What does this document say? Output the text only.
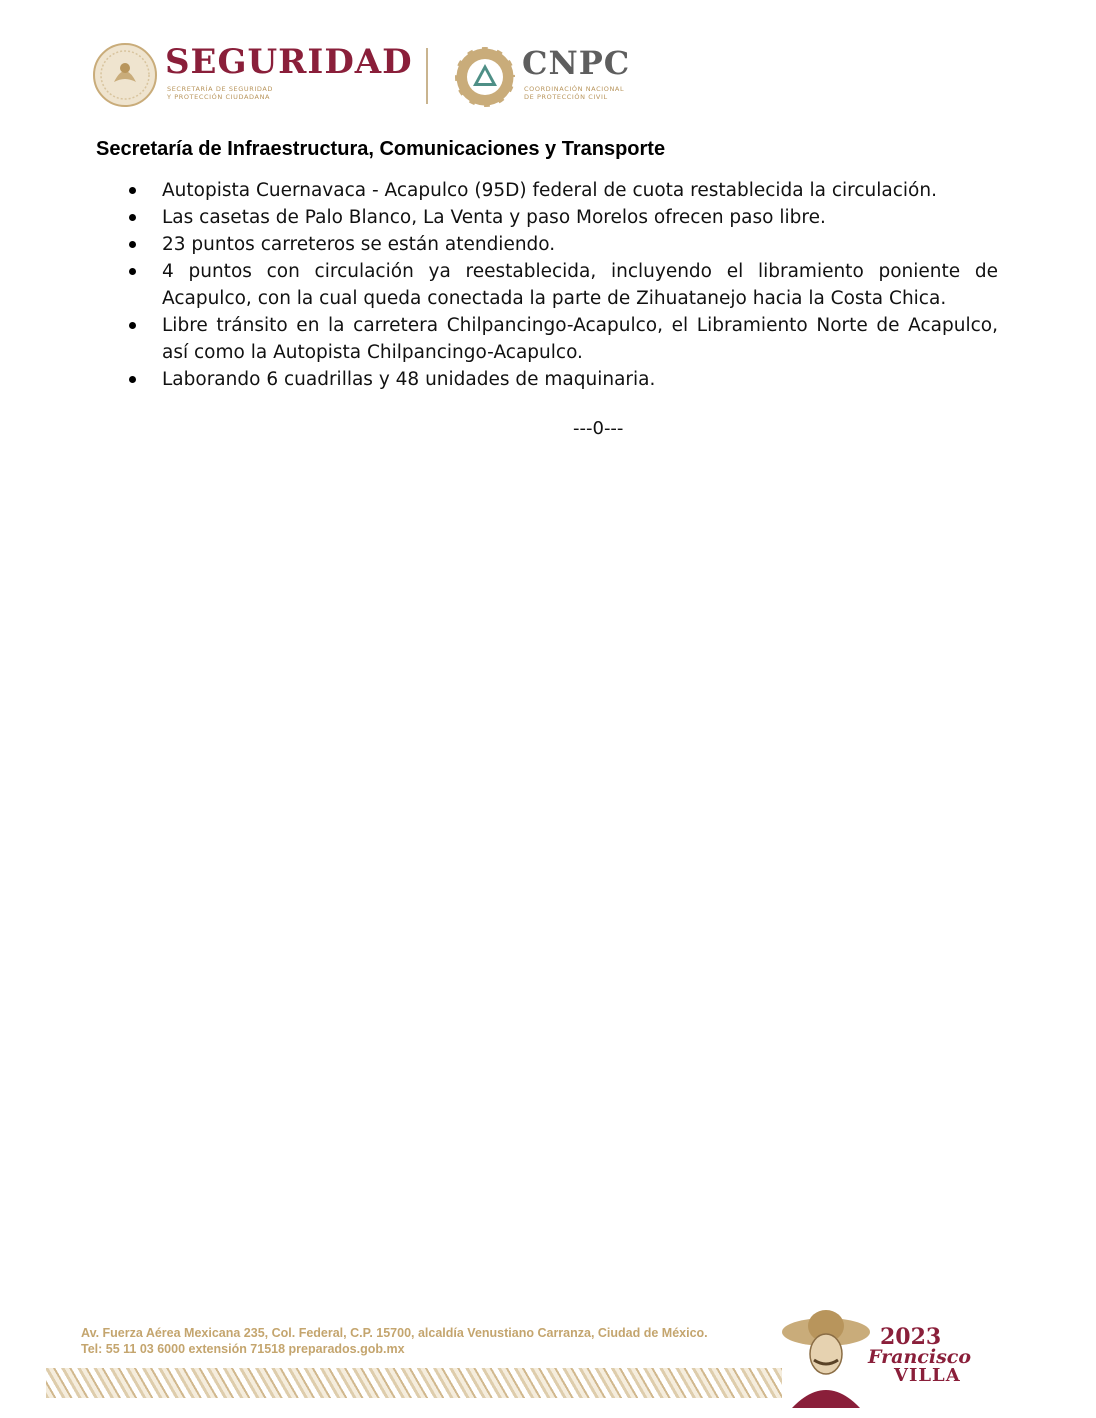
SEGURIDAD
SECRETARÍA DE SEGURIDAD
Y PROTECCIÓN CIUDADANA
CNPC
COORDINACIÓN NACIONAL
DE PROTECCIÓN CIVIL
Secretaría de Infraestructura, Comunicaciones y Transporte
Autopista Cuernavaca - Acapulco (95D) federal de cuota restablecida la circulación.
Las casetas de Palo Blanco, La Venta y paso Morelos ofrecen paso libre.
23 puntos carreteros se están atendiendo.
4 puntos con circulación ya reestablecida, incluyendo el libramiento poniente de Acapulco, con la cual queda conectada la parte de Zihuatanejo hacia la Costa Chica.
Libre tránsito en la carretera Chilpancingo-Acapulco, el Libramiento Norte de Acapulco, así como la Autopista Chilpancingo-Acapulco.
Laborando 6 cuadrillas y 48 unidades de maquinaria.
---0---
Av. Fuerza Aérea Mexicana 235, Col. Federal, C.P. 15700, alcaldía Venustiano Carranza, Ciudad de México.
Tel: 55 11 03 6000 extensión 71518 preparados.gob.mx	2023
Francisco
VILLA
